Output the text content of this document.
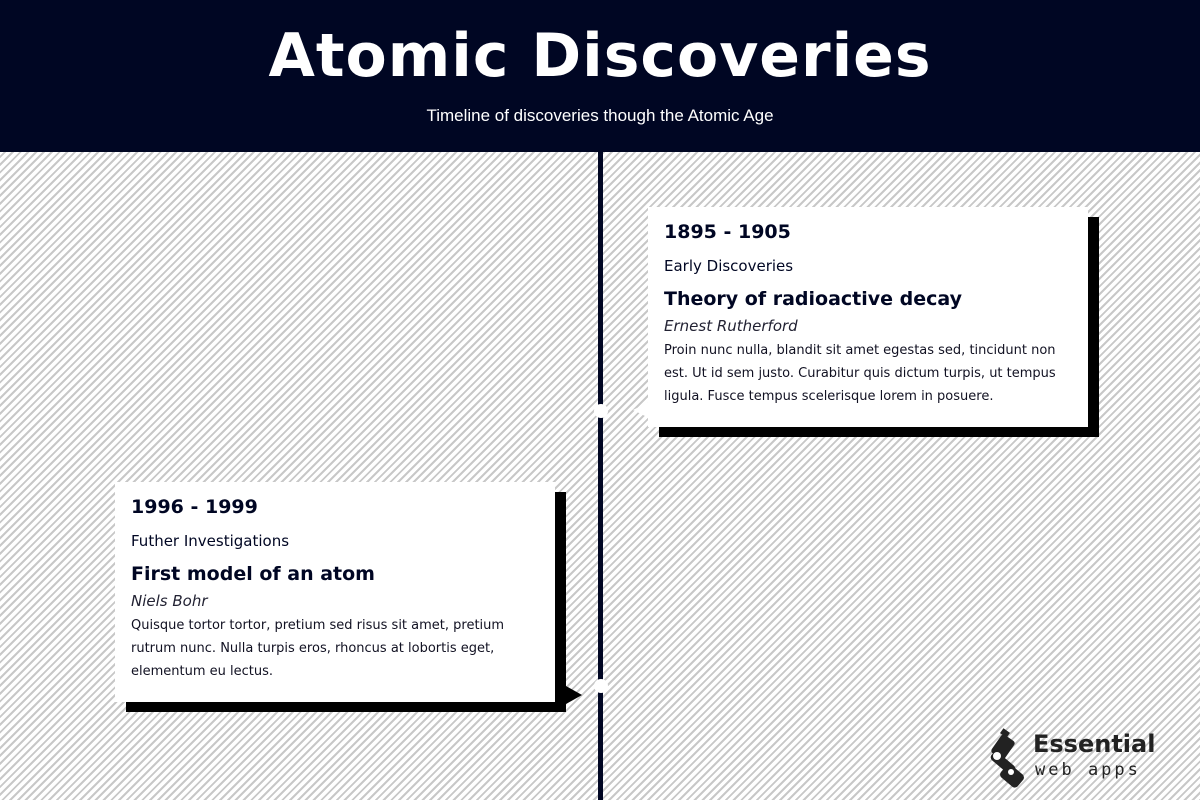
Atomic Discoveries
Timeline of discoveries though the Atomic Age
1895 - 1905
Early Discoveries
Theory of radioactive decay
Ernest Rutherford
Proin nunc nulla, blandit sit amet egestas sed, tincidunt non est. Ut id sem justo. Curabitur quis dictum turpis, ut tempus ligula. Fusce tempus scelerisque lorem in posuere.
1996 - 1999
Futher Investigations
First model of an atom
Niels Bohr
Quisque tortor tortor, pretium sed risus sit amet, pretium rutrum nunc. Nulla turpis eros, rhoncus at lobortis eget, elementum eu lectus.
Essential
web apps
